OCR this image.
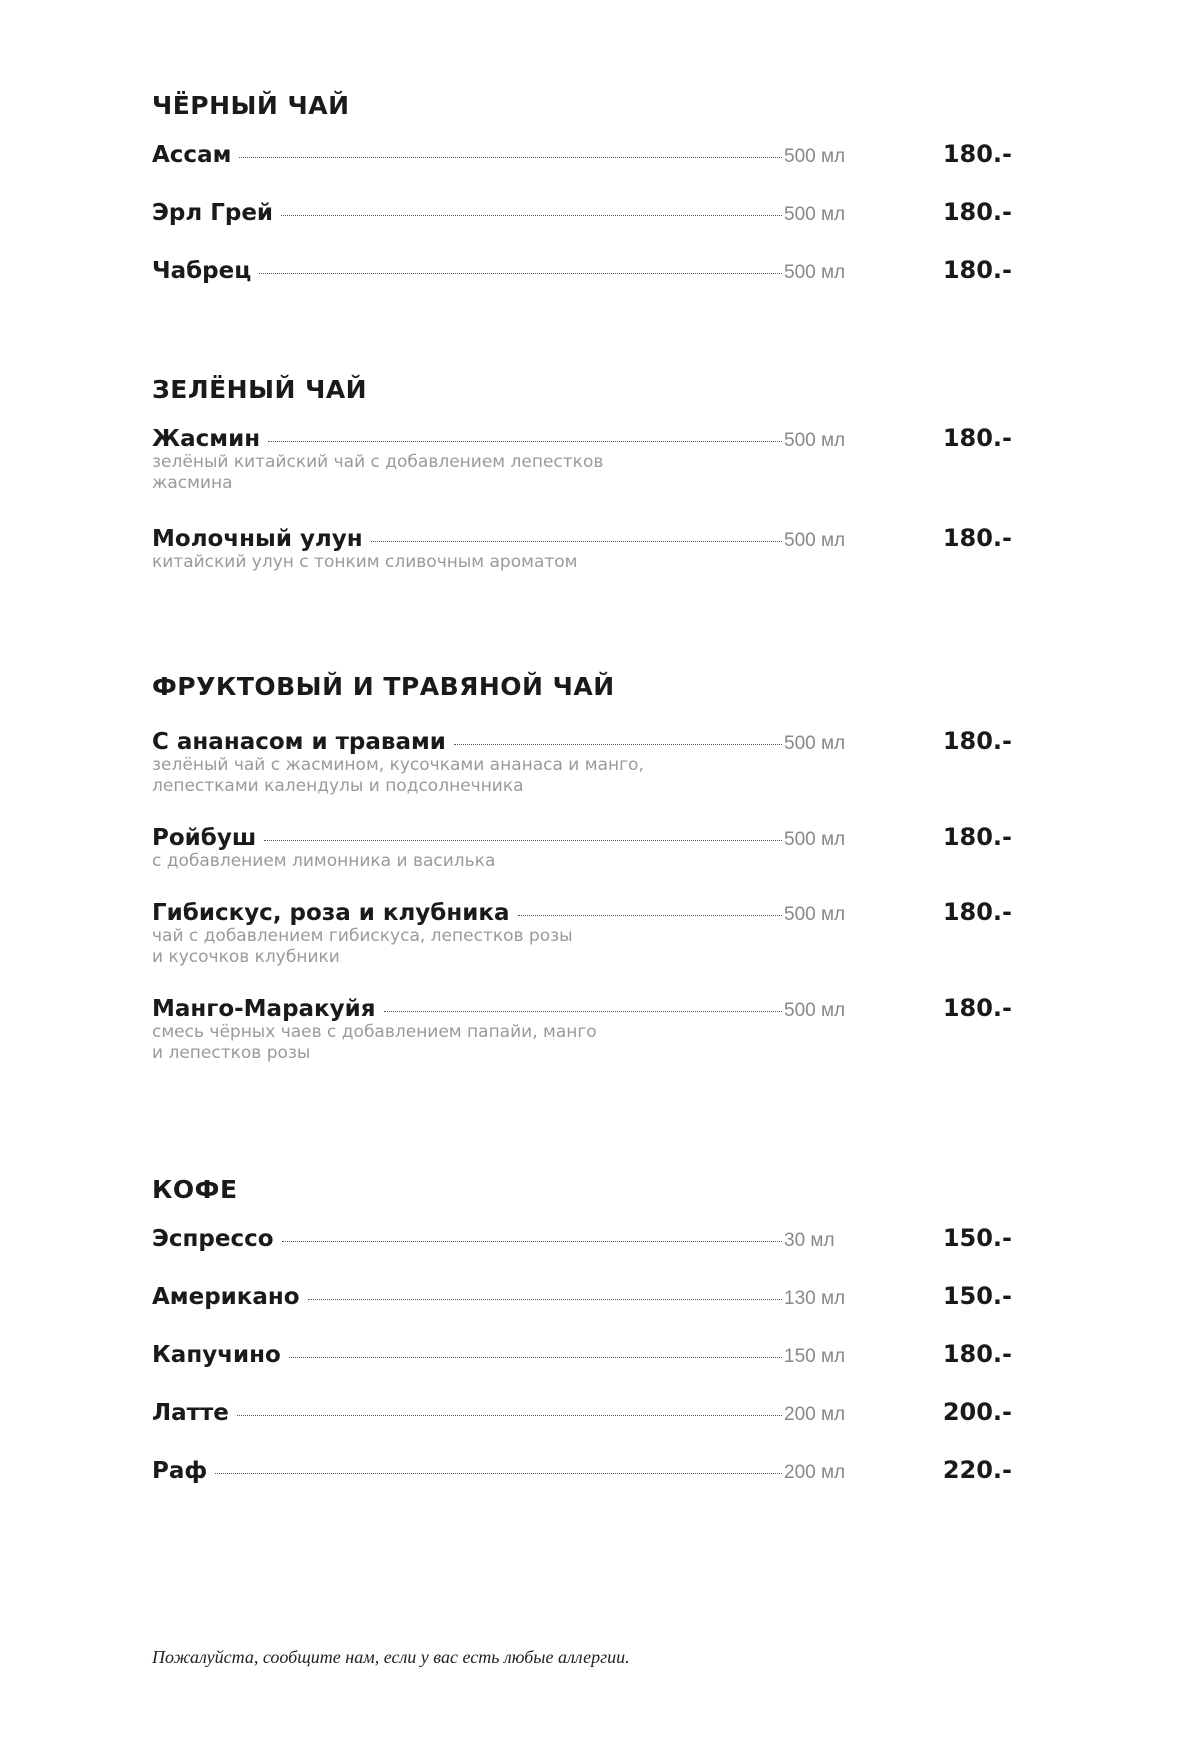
ЧЁРНЫЙ ЧАЙ
Ассам	500 мл	180.-
Эрл Грей	500 мл	180.-
Чабрец	500 мл	180.-
ЗЕЛЁНЫЙ ЧАЙ
Жасмин	500 мл	180.-
зелёный китайский чай с добавлением лепестков жасмина
Молочный улун	500 мл	180.-
китайский улун с тонким сливочным ароматом
ФРУКТОВЫЙ И ТРАВЯНОЙ ЧАЙ
С ананасом и травами	500 мл	180.-
зелёный чай с жасмином, кусочками ананаса и манго,
лепестками календулы и подсолнечника
Ройбуш	500 мл	180.-
с добавлением лимонника и василька
Гибискус, роза и клубника	500 мл	180.-
чай с добавлением гибискуса, лепестков розы
и кусочков клубники
Манго-Маракуйя	500 мл	180.-
смесь чёрных чаев с добавлением папайи, манго
и лепестков розы
КОФЕ
Эспрессо	30 мл	150.-
Американо	130 мл	150.-
Капучино	150 мл	180.-
Латте	200 мл	200.-
Раф	200 мл	220.-
Пожалуйста, сообщите нам, если у вас есть любые аллергии.
